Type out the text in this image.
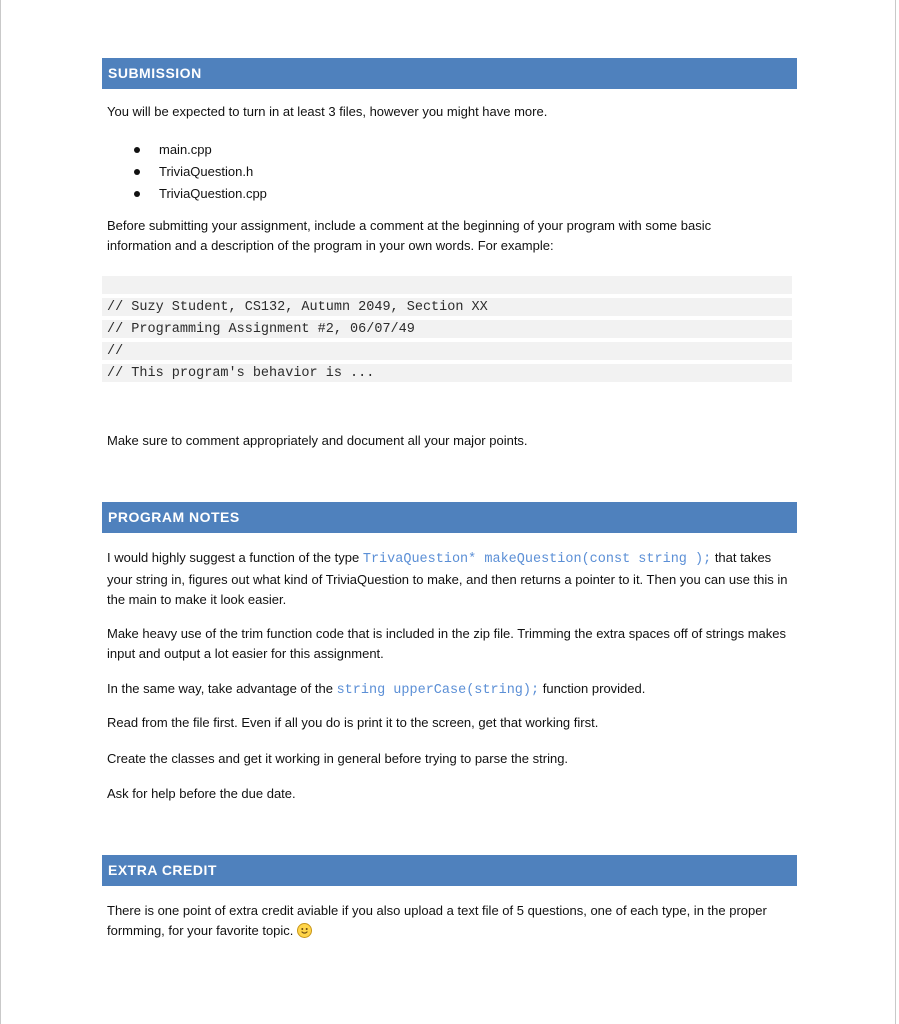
SUBMISSION

You will be expected to turn in at least 3 files, however you might have more.

main.cpp
TriviaQuestion.h
TriviaQuestion.cpp

Before submitting your assignment, include a comment at the beginning of your program with some basic information and a description of the program in your own words. For example:

// Suzy Student, CS132, Autumn 2049, Section XX
// Programming Assignment #2, 06/07/49
//
// This program's behavior is ...

Make sure to comment appropriately and document all your major points.

PROGRAM NOTES

I would highly suggest a function of the type TrivaQuestion* makeQuestion(const string ); that takes your string in, figures out what kind of TriviaQuestion to make, and then returns a pointer to it. Then you can use this in the main to make it look easier.

Make heavy use of the trim function code that is included in the zip file. Trimming the extra spaces off of strings makes input and output a lot easier for this assignment.

In the same way, take advantage of the string upperCase(string); function provided.

Read from the file first. Even if all you do is print it to the screen, get that working first.

Create the classes and get it working in general before trying to parse the string.

Ask for help before the due date.

EXTRA CREDIT

There is one point of extra credit aviable if you also upload a text file of 5 questions, one of each type, in the proper formming, for your favorite topic.
